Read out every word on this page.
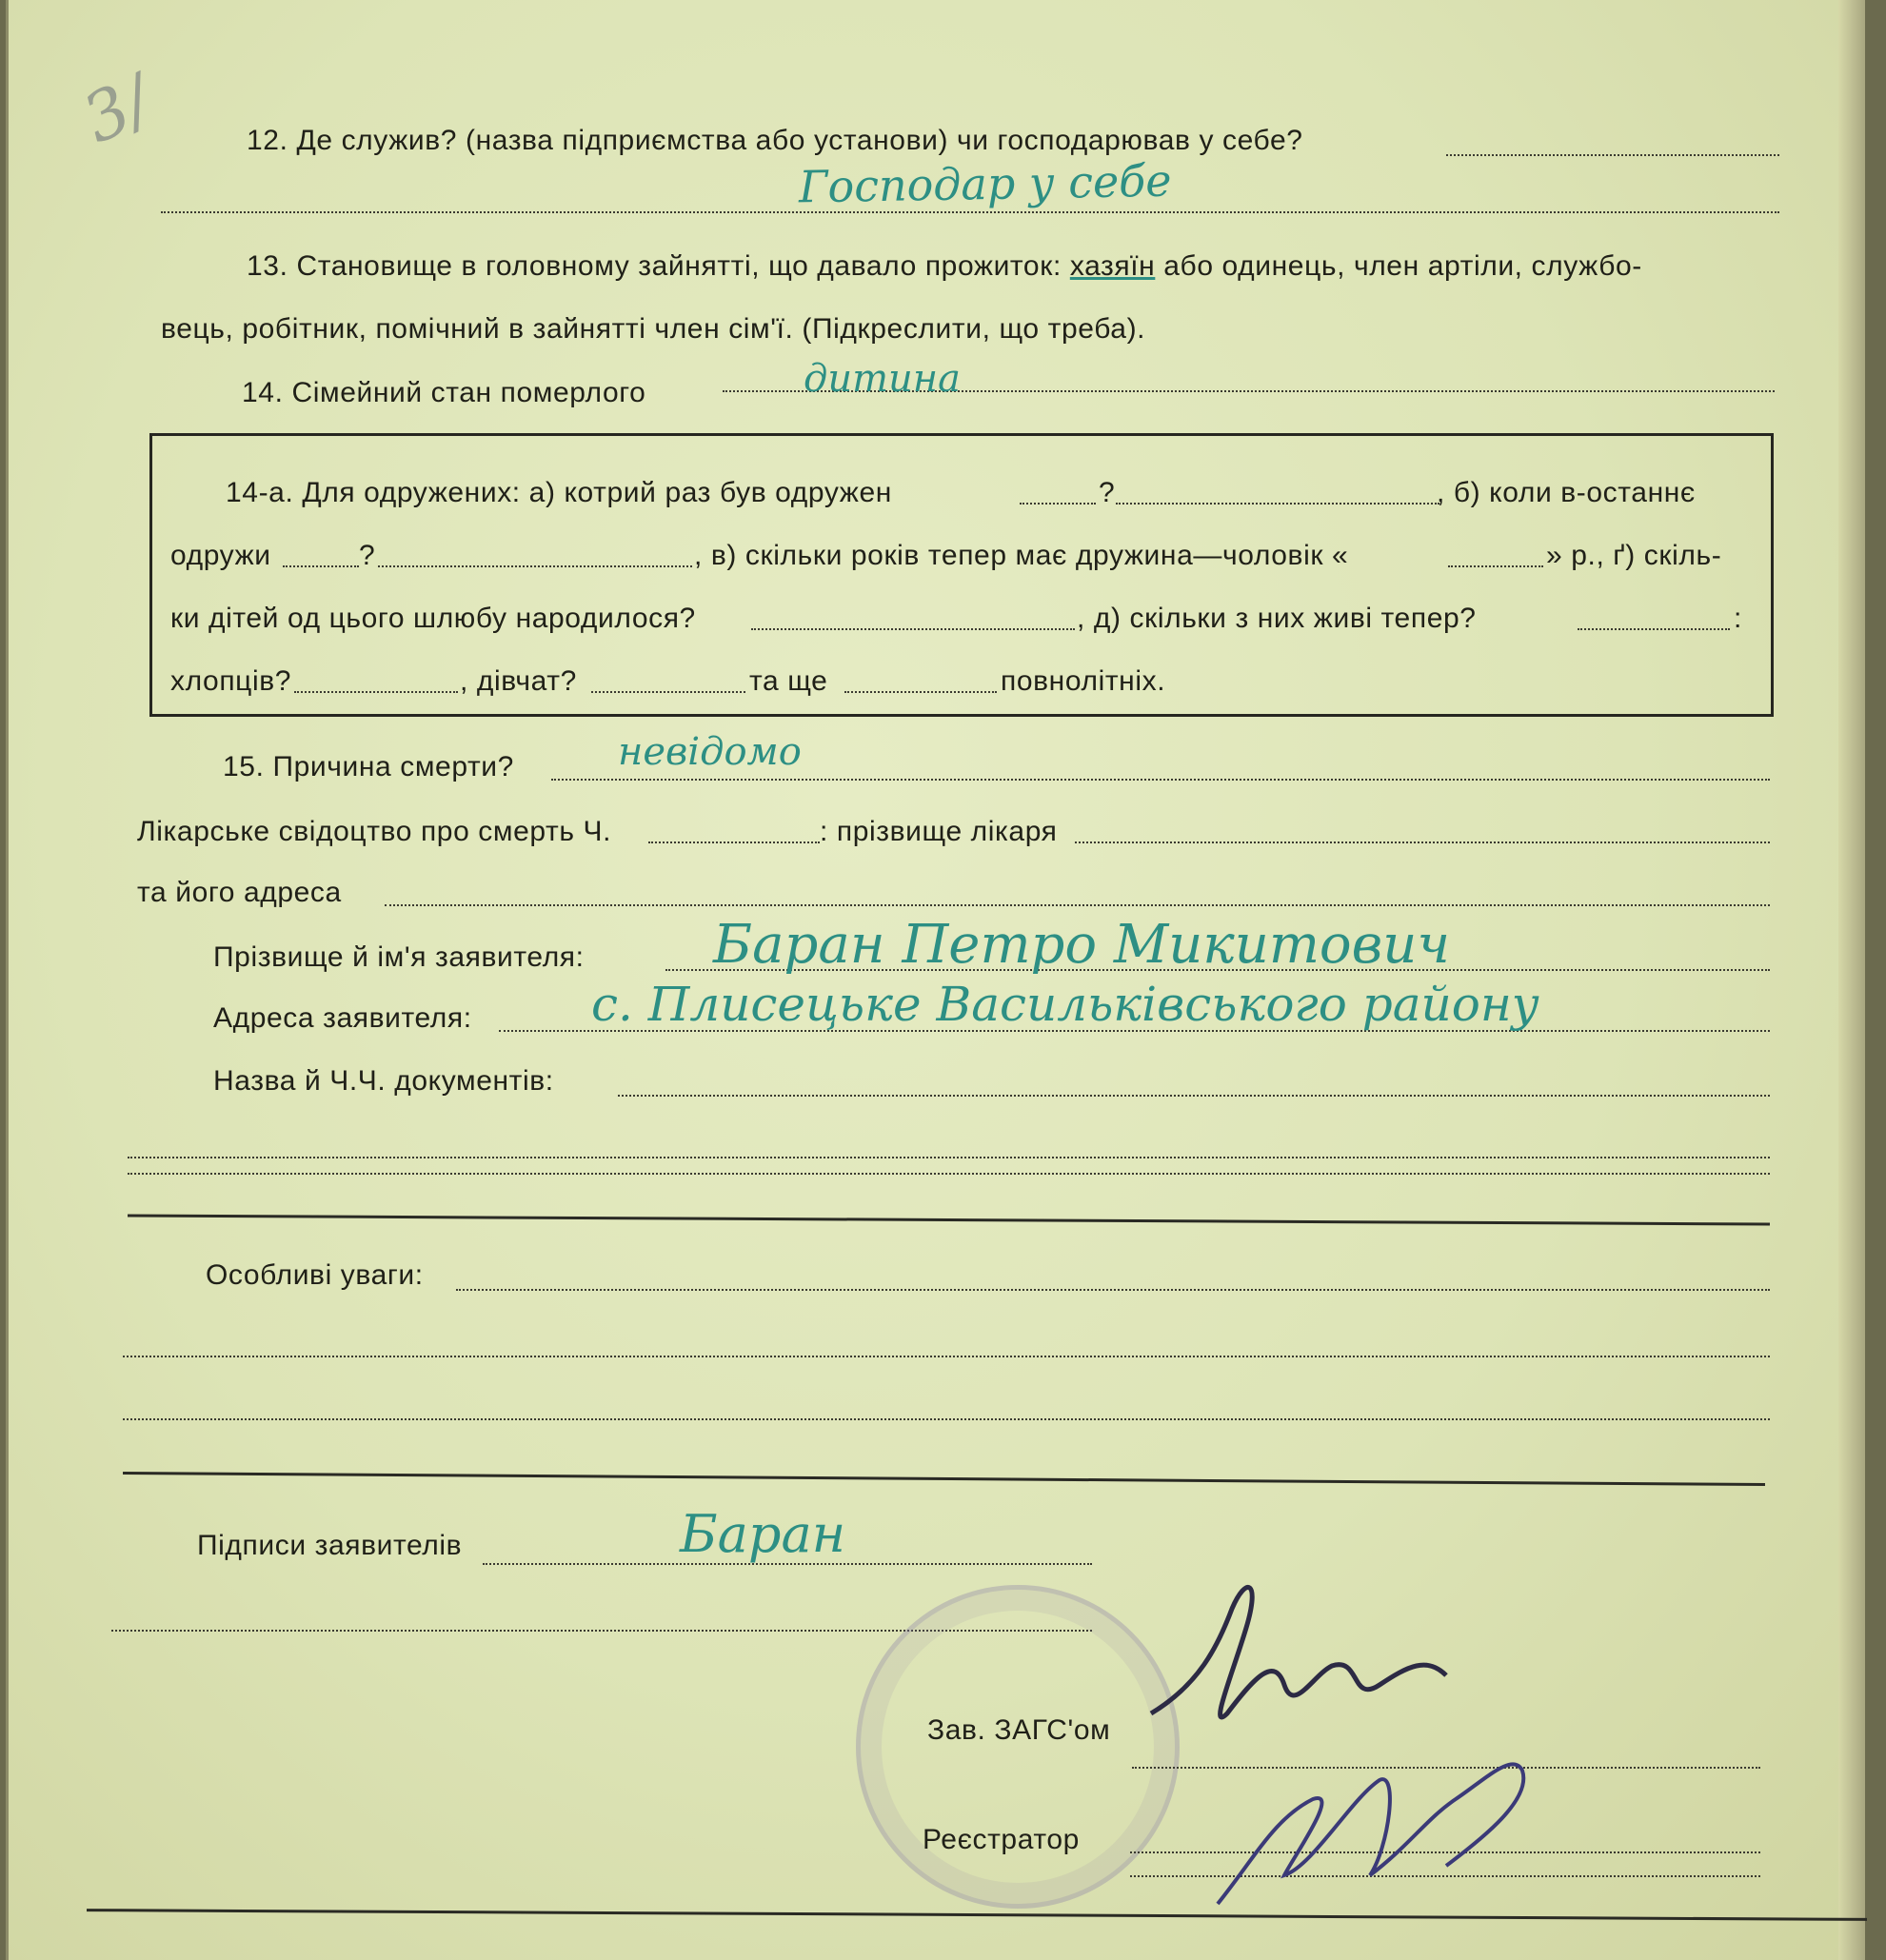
3/	12. Де служив? (назва підприємства або установи) чи господарював у себе?
Господар у себе
13. Становище в головному зайнятті, що давало прожиток: хазяїн або одинець, член артіли, службо-
вець, робітник, помічний в зайнятті член сім'ї. (Підкреслити, що треба).
14. Сімейний стан померлого	дитина
14-а. Для одружених: а) котрий раз був одружен	?	, б) коли в-останнє
одружи	?	, в) скільки років тепер має дружина—чоловік «	» р., ґ) скіль-
ки дітей од цього шлюбу народилося?	, д) скільки з них живі тепер?	:
хлопців?	, дівчат?	та ще	повнолітніх.
15. Причина смерти?	невідомо
Лікарське свідоцтво про смерть Ч.	: прізвище лікаря
та його адреса
Прізвище й ім'я заявителя: Баран Петро Микитович
Адреса заявителя:	с. Плисецьке Васильківського району
Назва й Ч.Ч. документів:
Особливі уваги:
Підписи заявителів	Баран
Зав. ЗАГС'ом
Реєстратор
